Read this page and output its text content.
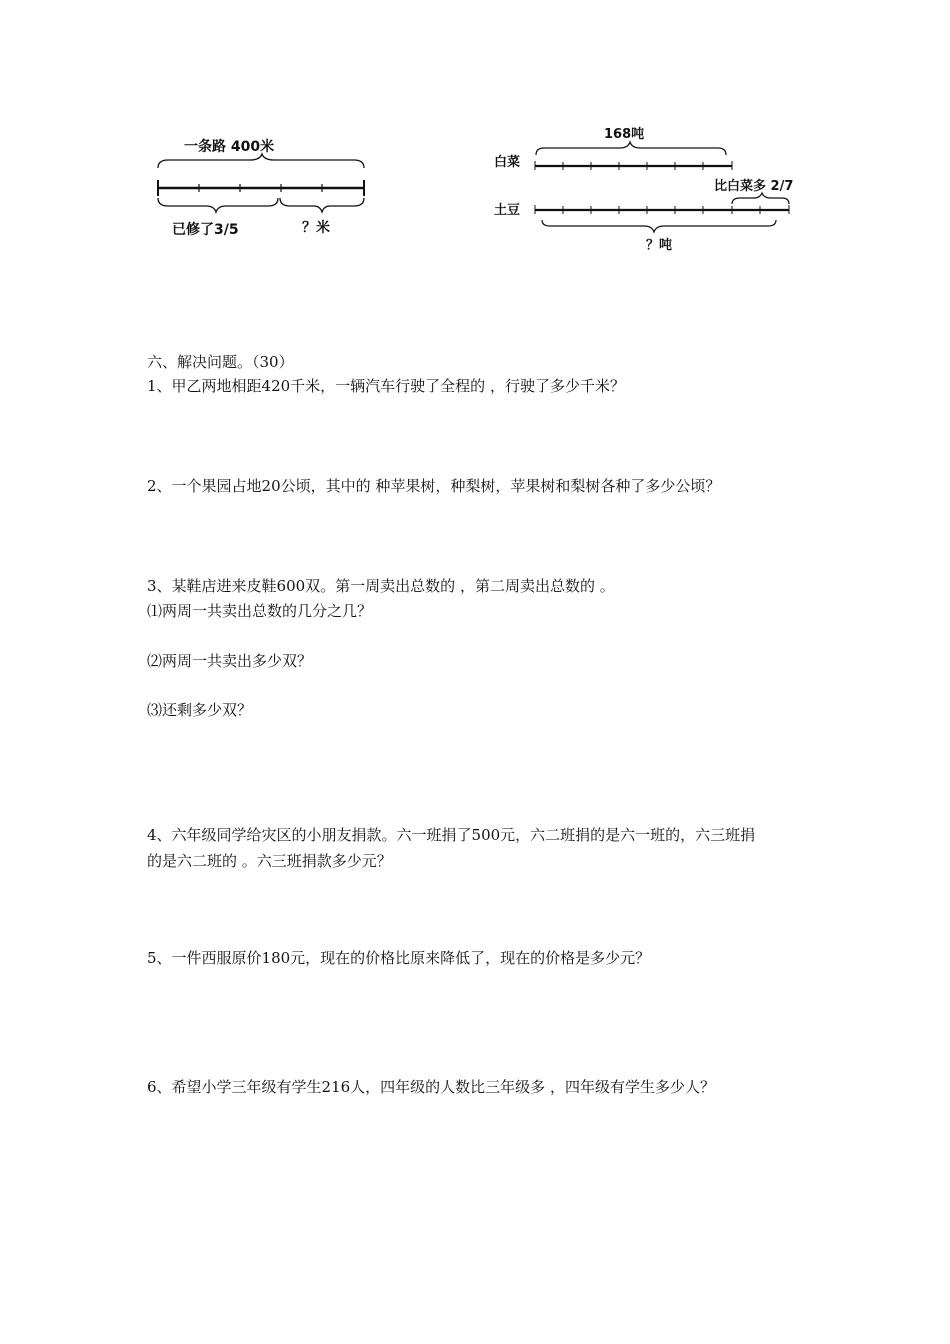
一条路 400米
已修了3/5	？米
168吨
白菜
比白菜多 2/7
土豆
？吨
六、解决问题。（30）
1、甲乙两地相距420千米，一辆汽车行驶了全程的 ，行驶了多少千米？
2、一个果园占地20公顷，其中的 种苹果树，种梨树，苹果树和梨树各种了多少公顷？
3、某鞋店进来皮鞋600双。第一周卖出总数的 ，第二周卖出总数的 。
⑴两周一共卖出总数的几分之几？
⑵两周一共卖出多少双？
⑶还剩多少双？
4、六年级同学给灾区的小朋友捐款。六一班捐了500元，六二班捐的是六一班的，六三班捐
的是六二班的 。六三班捐款多少元？
5、一件西服原价180元，现在的价格比原来降低了，现在的价格是多少元？
6、希望小学三年级有学生216人，四年级的人数比三年级多 ，四年级有学生多少人？
